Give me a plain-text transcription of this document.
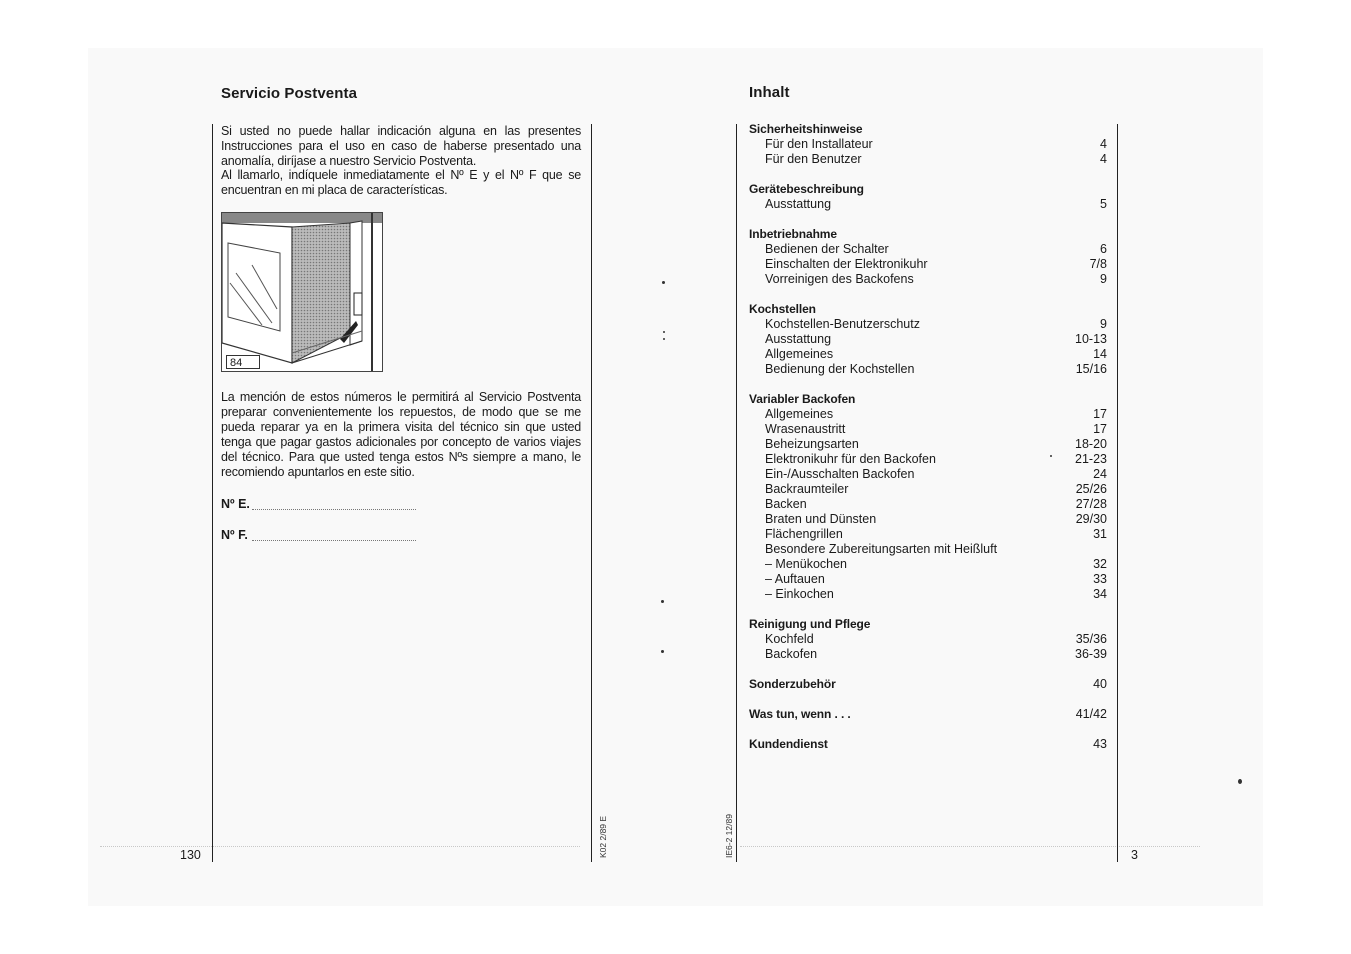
Servicio Postventa
Si usted no puede hallar indicación alguna en las presentes Instrucciones para el uso en caso de haberse presentado una anomalía, diríjase a nuestro Servicio Postventa.
Al llamarlo, indíquele inmediatamente el Nº E y el Nº F que se encuentran en mi placa de características.
84
La mención de estos números le permitirá al Servicio Postventa preparar convenientemente los repuestos, de modo que se me pueda reparar ya en la primera visita del técnico sin que usted tenga que pagar gastos adicionales por concepto de varios viajes del técnico. Para que usted tenga estos Nºs siempre a mano, le recomiendo apuntarlos en este sitio.
Nº E.
Nº F.
130	K02 2/89 E	IE6-2 12/89
Inhalt
Sicherheitshinweise
Für den Installateur	4
Für den Benutzer	4
Gerätebeschreibung
Ausstattung	5
Inbetriebnahme
Bedienen der Schalter	6
Einschalten der Elektronikuhr	7/8
Vorreinigen des Backofens	9
Kochstellen
Kochstellen-Benutzerschutz	9
Ausstattung	10-13
Allgemeines	14
Bedienung der Kochstellen	15/16
Variabler Backofen
Allgemeines	17
Wrasenaustritt	17
Beheizungsarten	18-20
Elektronikuhr für den Backofen	21-23
Ein-/Ausschalten Backofen	24
Backraumteiler	25/26
Backen	27/28
Braten und Dünsten	29/30
Flächengrillen	31
Besondere Zubereitungsarten mit Heißluft
– Menükochen	32
– Auftauen	33
– Einkochen	34
Reinigung und Pflege
Kochfeld	35/36
Backofen	36-39
Sonderzubehör	40
Was tun, wenn . . .	41/42
Kundendienst	43
3
